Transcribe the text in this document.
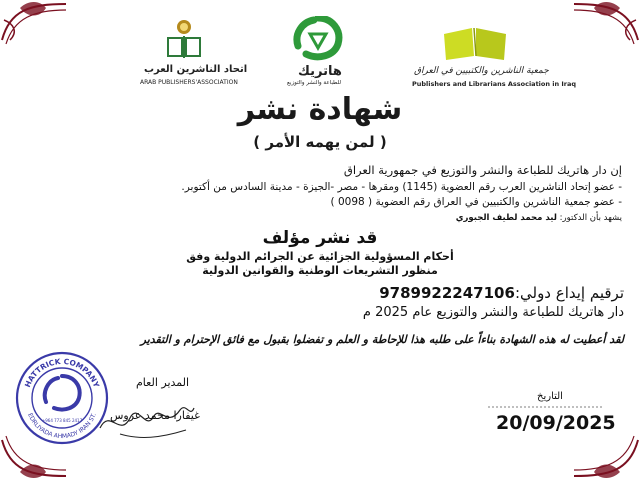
اتحاد الناشرين العرب
ARAB PUBLISHERS'ASSOCIATION
هاتريك
للطباعة والنشر والتوزيع
جمعية الناشرين والكتبيين في العراق
Publishers and Librarians Association in Iraq
شهادة نشر
( لمن يهمه الأمر )
إن دار هاتريك للطباعة والنشر والتوزيع في جمهورية العراق
- عضو إتحاد الناشرين العرب رقم العضوية (1145) ومقرها - مصر -الجيزة - مدينة السادس من أكتوبر.
- عضو جمعية الناشرين والكتبيين في العراق رقم العضوية ( 0098 )
يشهد بأن الدكتور: ليد محمد لطيف الجبوري
قد نشر مؤلف
أحكام المسؤولية الجزائية عن الجرائم الدولية وفق
منظور التشريعات الوطنية والقوانين الدولية
ترقيم إيداع دولي:9789922247106
دار هاتريك للطباعة والنشر والتوزيع عام 2025 م
لقد أعطيت له هذه الشهادة بناءاً على طلبه هذا للإحاطة و العلم و تفضلوا بقبول مع فائق الإحترام و التقدير
التاريخ
20/09/2025
المدير العام
غيفارا محمد عروس
HATTRICK COMPANY
EDRLIYADA AHMADY IRAN ST.
+964 773 845 2417
